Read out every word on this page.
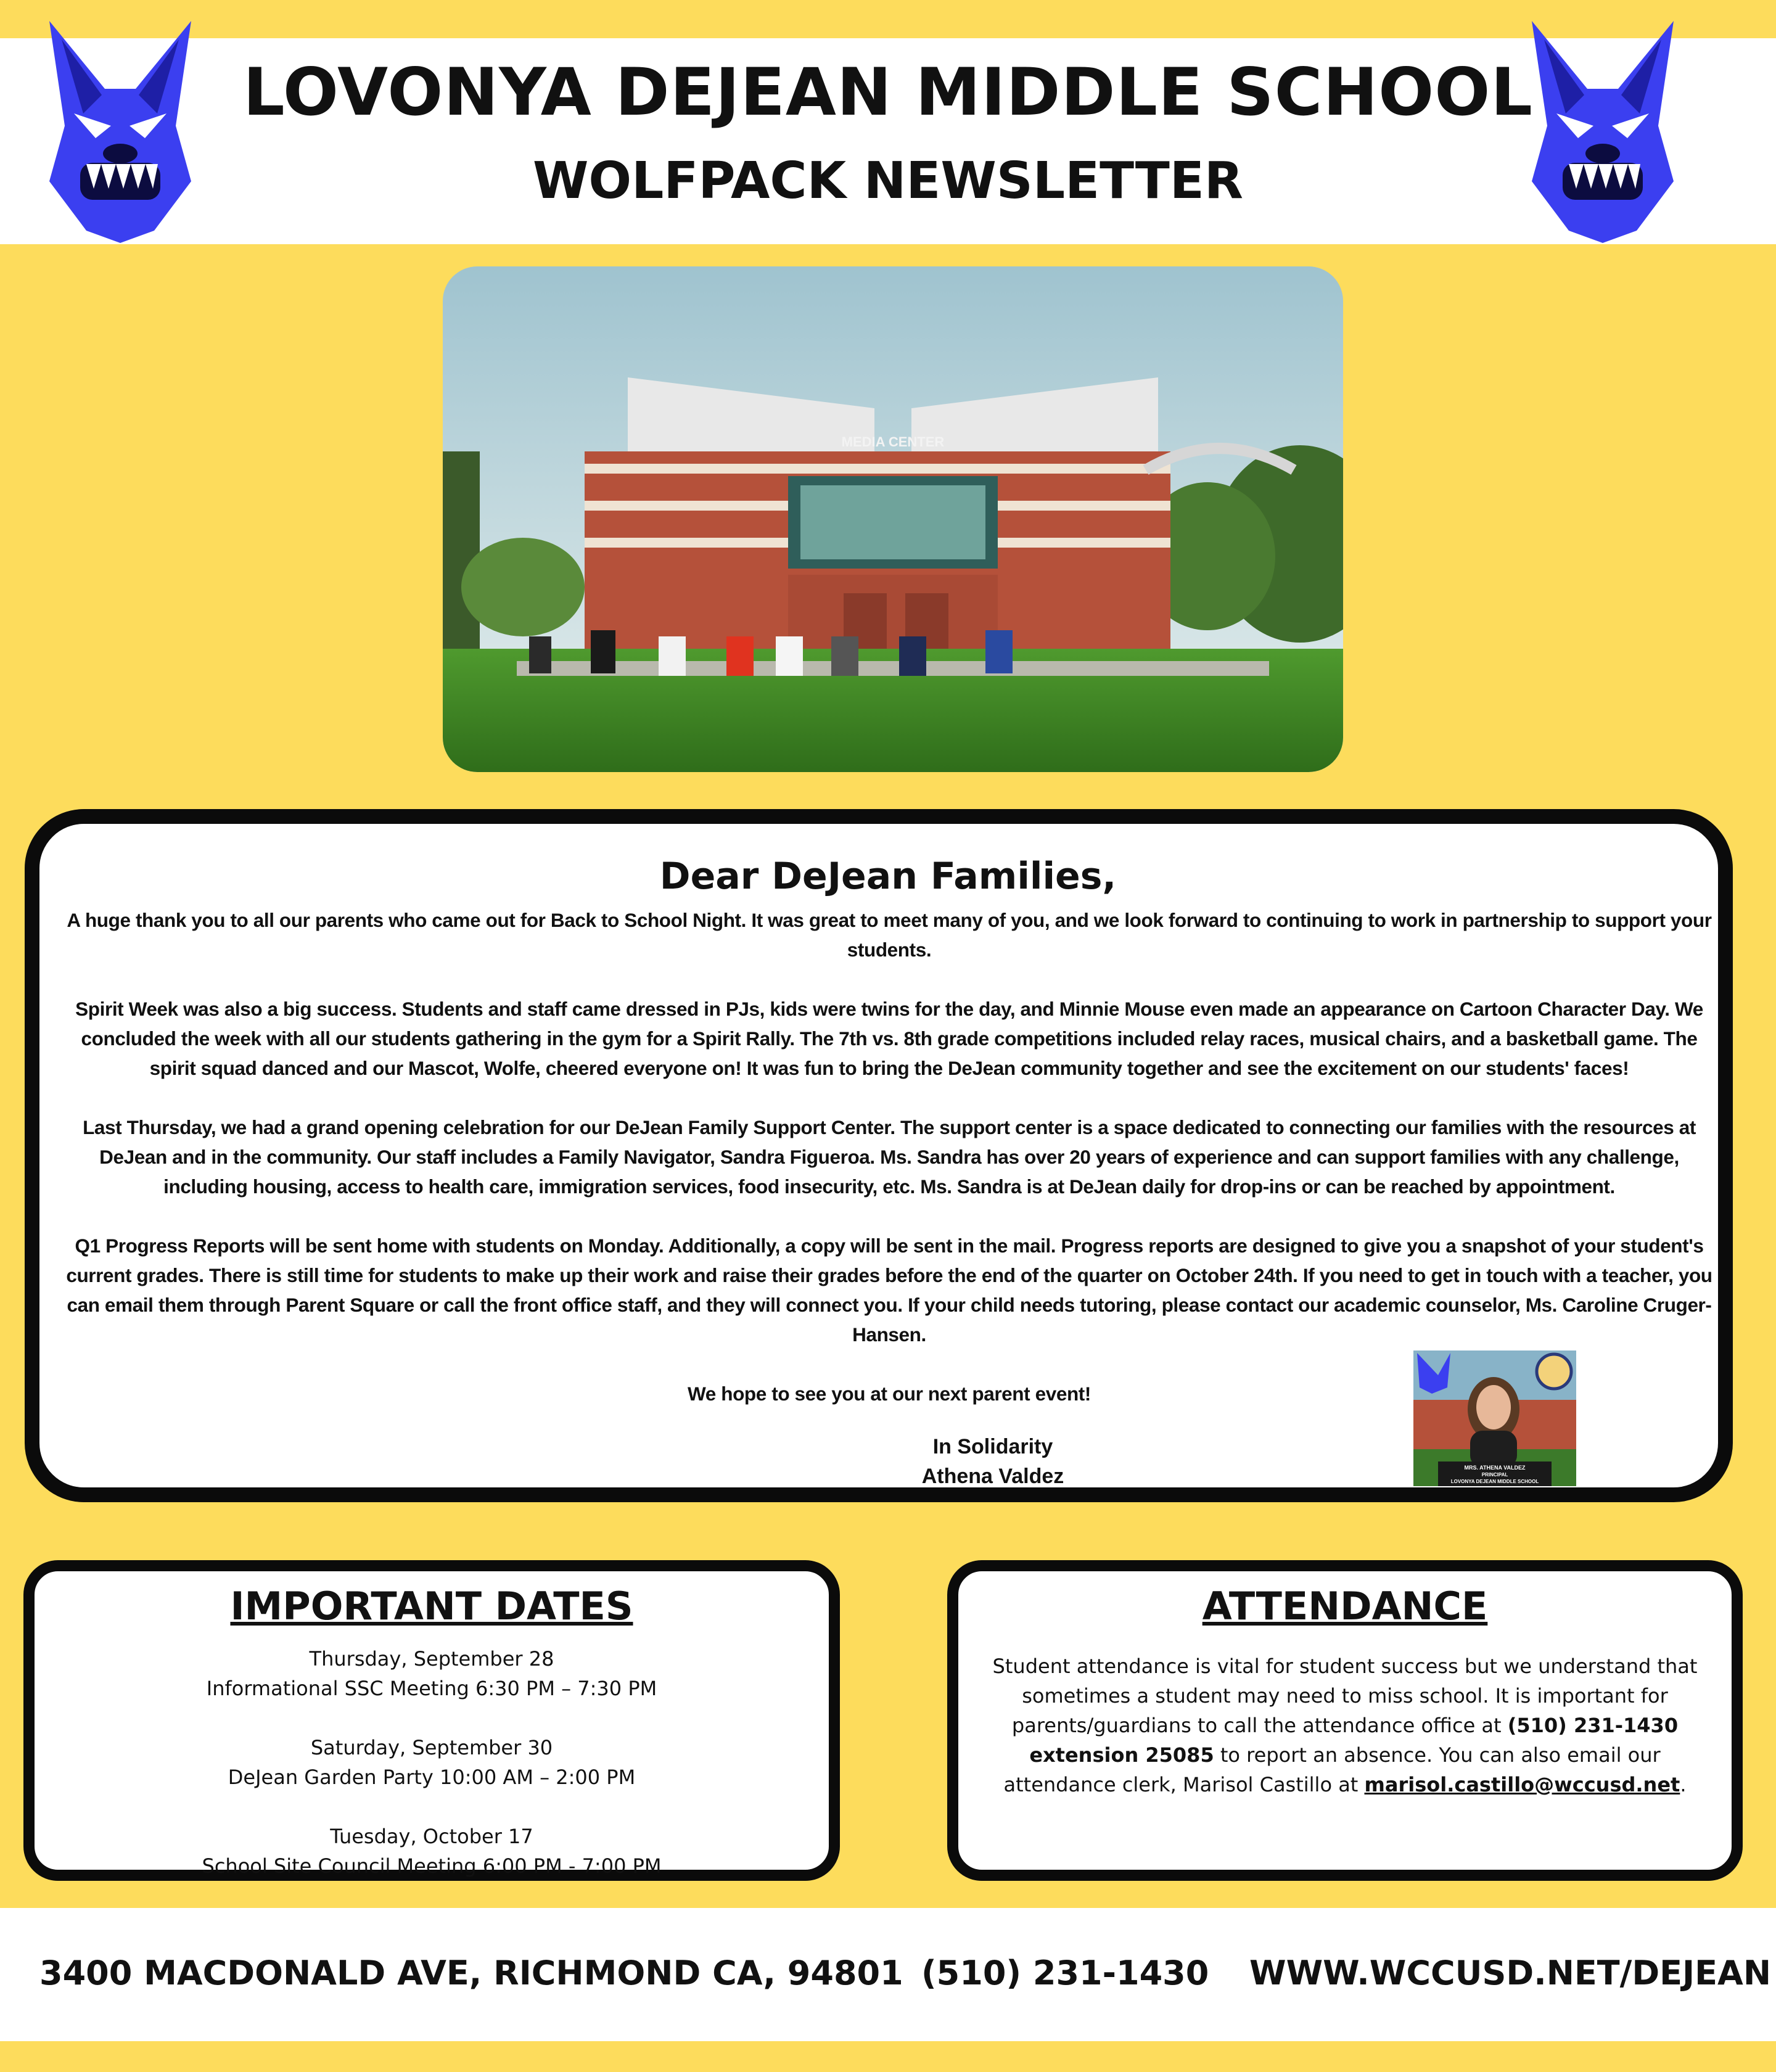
LOVONYA DEJEAN MIDDLE SCHOOL
WOLFPACK NEWSLETTER
MEDIA CENTER
Dear DeJean Families,

A huge thank you to all our parents who came out for Back to School Night. It was great to meet many of you, and we look forward to continuing to work in partnership to support your students.

Spirit Week was also a big success. Students and staff came dressed in PJs, kids were twins for the day, and Minnie Mouse even made an appearance on Cartoon Character Day. We concluded the week with all our students gathering in the gym for a Spirit Rally. The 7th vs. 8th grade competitions included relay races, musical chairs, and a basketball game. The spirit squad danced and our Mascot, Wolfe, cheered everyone on! It was fun to bring the DeJean community together and see the excitement on our students' faces!

Last Thursday, we had a grand opening celebration for our DeJean Family Support Center. The support center is a space dedicated to connecting our families with the resources at DeJean and in the community. Our staff includes a Family Navigator, Sandra Figueroa. Ms. Sandra has over 20 years of experience and can support families with any challenge, including housing, access to health care, immigration services, food insecurity, etc. Ms. Sandra is at DeJean daily for drop-ins or can be reached by appointment.

Q1 Progress Reports will be sent home with students on Monday. Additionally, a copy will be sent in the mail. Progress reports are designed to give you a snapshot of your student's current grades. There is still time for students to make up their work and raise their grades before the end of the quarter on October 24th. If you need to get in touch with a teacher, you can email them through Parent Square or call the front office staff, and they will connect you. If your child needs tutoring, please contact our academic counselor, Ms. Caroline Cruger-Hansen.

We hope to see you at our next parent event!

In Solidarity
Athena Valdez	MRS. ATHENA VALDEZ
PRINCIPAL
LOVONYA DEJEAN MIDDLE SCHOOL
IMPORTANT DATES
Thursday, September 28
Informational SSC Meeting 6:30 PM – 7:30 PM
Saturday, September 30
DeJean Garden Party 10:00 AM – 2:00 PM
Tuesday, October 17
School Site Council Meeting 6:00 PM - 7:00 PM
ATTENDANCE
Student attendance is vital for student success but we understand that sometimes a student may need to miss school. It is important for parents/guardians to call the attendance office at (510) 231-1430 extension 25085 to report an absence. You can also email our attendance clerk, Marisol Castillo at marisol.castillo@wccusd.net.
3400 MACDONALD AVE, RICHMOND CA, 94801 (510) 231-1430 WWW.WCCUSD.NET/DEJEAN
